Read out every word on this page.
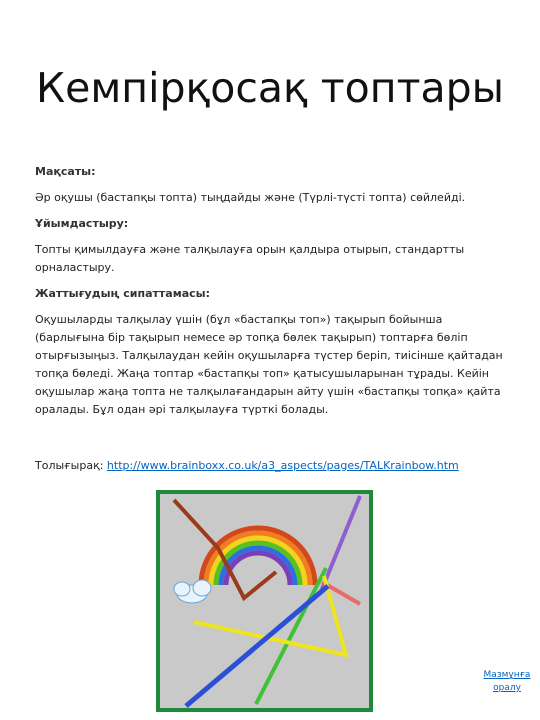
Кемпірқосақ топтары

Мақсаты:

Әр оқушы (бастапқы топта) тыңдайды және (Түрлі-түсті топта) сөйлейді.

Ұйымдастыру:

Топты қимылдауға және талқылауға орын қалдыра отырып, стандартты орналастыру.

Жаттығудың сипаттамасы:

Оқушыларды талқылау үшін (бұл «бастапқы топ») тақырып бойынша (барлығына бір тақырып немесе әр топқа бөлек тақырып) топтарға бөліп отырғызыңыз. Талқылаудан кейін оқушыларға түстер беріп, тиісінше қайтадан топқа бөледі. Жаңа топтар «бастапқы топ» қатысушыларынан тұрады. Кейін оқушылар жаңа топта не талқылағандарын айту үшін «бастапқы топқа» қайта оралады. Бұл одан әрі талқылауға түрткі болады.

Толығырақ: http://www.brainboxx.co.uk/a3_aspects/pages/TALKrainbow.htm

Мазмұнға оралу
